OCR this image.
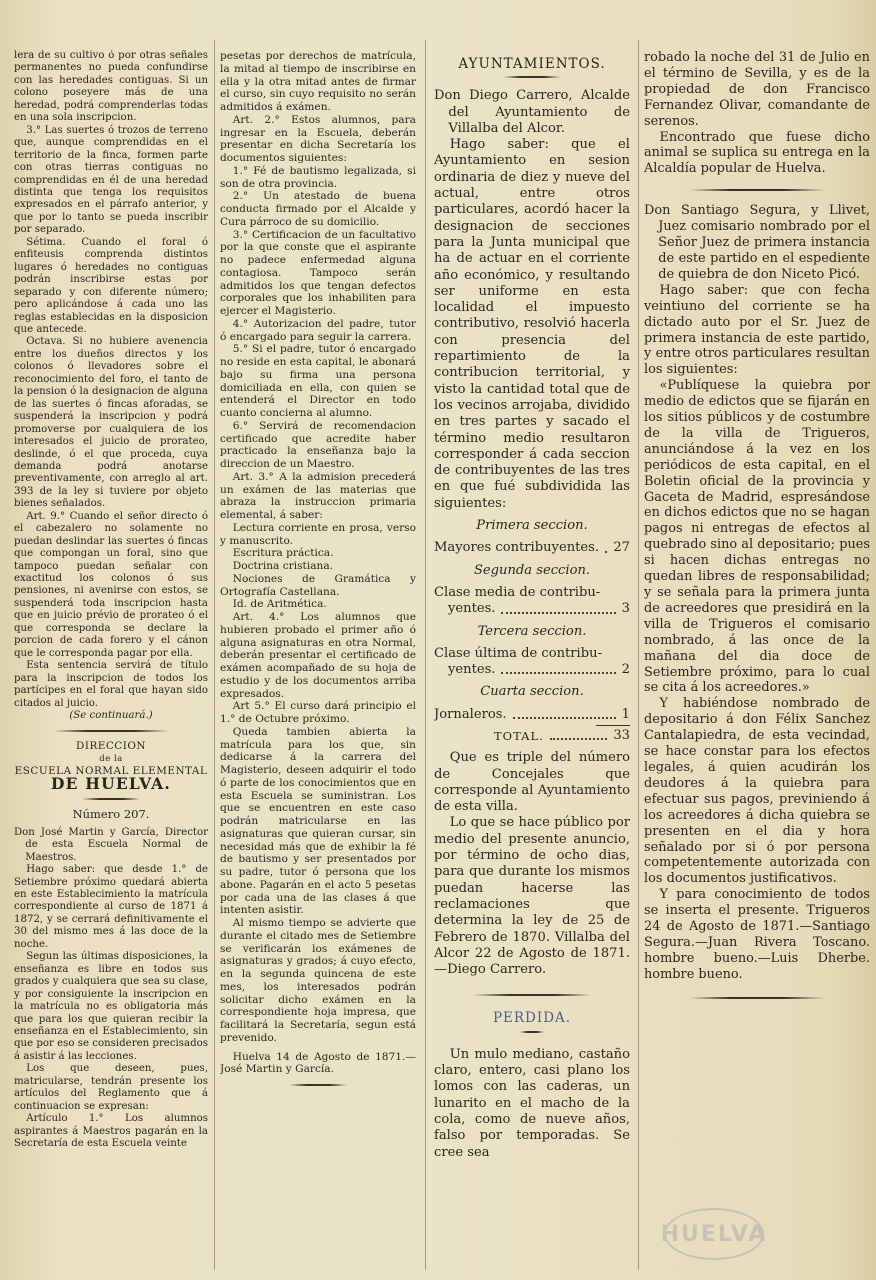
lera de su cultivo ó por otras señales permanentes no pueda confundirse con las heredades contiguas. Si un colono poseyere más de una heredad, podrá comprenderlas todas en una sola inscripcion.

3.° Las suertes ó trozos de terreno que, aunque comprendidas en el territorio de la finca, formen parte con otras tierras contiguas no comprendidas en él de una heredad distinta que tenga los requisitos expresados en el párrafo anterior, y que por lo tanto se pueda inscribir por separado.

Sétima. Cuando el foral ó enfiteusis comprenda distintos lugares ó heredades no contiguas podrán inscribirse estas por separado y con diferente número; pero aplicándose á cada uno las reglas establecidas en la disposicion que antecede.

Octava. Si no hubiere avenencia entre los dueños directos y los colonos ó llevadores sobre el reconocimiento del foro, el tanto de la pension ó la designacion de alguna de las suertes ó fincas aforadas, se suspenderá la inscripcion y podrá promoverse por cualquiera de los interesados el juicio de prorateo, deslinde, ó el que proceda, cuya demanda podrá anotarse preventivamente, con arreglo al art. 393 de la ley si tuviere por objeto bienes señalados.

Art. 9.° Cuando el señor directo ó el cabezalero no solamente no puedan deslindar las suertes ó fincas que compongan un foral, sino que tampoco puedan señalar con exactitud los colonos ó sus pensiones, ni avenirse con estos, se suspenderá toda inscripcion hasta que en juicio prévio de prorateo ó el que corresponda se declare la porcion de cada forero y el cánon que le corresponda pagar por ella.

Esta sentencia servirá de título para la inscripcion de todos los partícipes en el foral que hayan sido citados al juicio.

(Se continuará.)

DIRECCION

de la

ESCUELA NORMAL ELEMENTAL

DE HUELVA.

Número 207.

Don José Martin y García, Director de esta Escuela Normal de Maestros.

Hago saber: que desde 1.° de Setiembre próximo quedará abierta en este Establecimiento la matrícula correspondiente al curso de 1871 á 1872, y se cerrará definitivamente el 30 del mismo mes á las doce de la noche.

Segun las últimas disposiciones, la enseñanza es libre en todos sus grados y cualquiera que sea su clase, y por consiguiente la inscripcion en la matrícula no es obligatoria más que para los que quieran recibir la enseñanza en el Establecimiento, sin que por eso se consideren precisados á asistir á las lecciones.

Los que deseen, pues, matricularse, tendrán presente los artículos del Reglamento que á continuacion se expresan:

Artículo 1.° Los alumnos aspirantes á Maestros pagarán en la Secretaría de esta Escuela veinte

pesetas por derechos de matrícula, la mitad al tiempo de inscribirse en ella y la otra mitad antes de firmar el curso, sin cuyo requisito no serán admitidos á exámen.

Art. 2.° Estos alumnos, para ingresar en la Escuela, deberán presentar en dicha Secretaría los documentos siguientes:

1.° Fé de bautismo legalizada, si son de otra provincia.

2.° Un atestado de buena conducta firmado por el Alcalde y Cura párroco de su domicilio.

3.° Certificacion de un facultativo por la que conste que el aspirante no padece enfermedad alguna contagiosa. Tampoco serán admitidos los que tengan defectos corporales que los inhabiliten para ejercer el Magisterio.

4.° Autorizacion del padre, tutor ó encargado para seguir la carrera.

5.° Si el padre, tutor ó encargado no reside en esta capital, le abonará bajo su firma una persona domiciliada en ella, con quien se entenderá el Director en todo cuanto concierna al alumno.

6.° Servirá de recomendacion certificado que acredite haber practicado la enseñanza bajo la direccion de un Maestro.

Art. 3.° A la admision precederá un exámen de las materias que abraza la instruccion primaria elemental, á saber:

Lectura corriente en prosa, verso y manuscrito.

Escritura práctica.

Doctrina cristiana.

Nociones de Gramática y Ortografía Castellana.

Id. de Aritmética.

Art. 4.° Los alumnos que hubieren probado el primer año ó alguna asignaturas en otra Normal, deberán presentar el certificado de exámen acompañado de su hoja de estudio y de los documentos arriba expresados.

Art 5.° El curso dará principio el 1.° de Octubre próximo.

Queda tambien abierta la matrícula para los que, sin dedicarse á la carrera del Magisterio, deseen adquirir el todo ó parte de los conocimientos que en esta Escuela se suministran. Los que se encuentren en este caso podrán matricularse en las asignaturas que quieran cursar, sin necesidad más que de exhibir la fé de bautismo y ser presentados por su padre, tutor ó persona que los abone. Pagarán en el acto 5 pesetas por cada una de las clases á que intenten asistir.

Al mismo tiempo se advierte que durante el citado mes de Setiembre se verificarán los exámenes de asignaturas y grados; á cuyo efecto, en la segunda quincena de este mes, los interesados podrán solicitar dicho exámen en la correspondiente hoja impresa, que facilitará la Secretaría, segun está prevenido.

Huelva 14 de Agosto de 1871.—José Martin y García.

AYUNTAMIENTOS.

Don Diego Carrero, Alcalde del Ayuntamiento de Villalba del Alcor.

Hago saber: que el Ayuntamiento en sesion ordinaria de diez y nueve del actual, entre otros particulares, acordó hacer la designacion de secciones para la Junta municipal que ha de actuar en el corriente año económico, y resultando ser uniforme en esta localidad el impuesto contributivo, resolvió hacerla con presencia del repartimiento de la contribucion territorial, y visto la cantidad total que de los vecinos arrojaba, dividido en tres partes y sacado el término medio resultaron corresponder á cada seccion de contribuyentes de las tres en que fué subdividida las siguientes:

Primera seccion.

Mayores contribuyentes. 27

Segunda seccion.

Clase media de contribu-

yentes.	3

Tercera seccion.

Clase última de contribu-

yentes.	2

Cuarta seccion.

Jornaleros.	1
TOTAL.	33

Que es triple del número de Concejales que corresponde al Ayuntamiento de esta villa.

Lo que se hace público por medio del presente anuncio, por término de ocho dias, para que durante los mismos puedan hacerse las reclamaciones que determina la ley de 25 de Febrero de 1870. Villalba del Alcor 22 de Agosto de 1871.—Diego Carrero.

PERDIDA.

Un mulo mediano, castaño claro, entero, casi plano los lomos con las caderas, un lunarito en el macho de la cola, como de nueve años, falso por temporadas. Se cree sea

robado la noche del 31 de Julio en el término de Sevilla, y es de la propiedad de don Francisco Fernandez Olivar, comandante de serenos.

Encontrado que fuese dicho animal se suplica su entrega en la Alcaldía popular de Huelva.

Don Santiago Segura, y Llivet, Juez comisario nombrado por el Señor Juez de primera instancia de este partido en el espediente de quiebra de don Niceto Picó.

Hago saber: que con fecha veintiuno del corriente se ha dictado auto por el Sr. Juez de primera instancia de este partido, y entre otros particulares resultan los siguientes:

«Publíquese la quiebra por medio de edictos que se fijarán en los sitios públicos y de costumbre de la villa de Trigueros, anunciándose á la vez en los periódicos de esta capital, en el Boletin oficial de la provincia y Gaceta de Madrid, espresándose en dichos edictos que no se hagan pagos ni entregas de efectos al quebrado sino al depositario; pues si hacen dichas entregas no quedan libres de responsabilidad; y se señala para la primera junta de acreedores que presidirá en la villa de Trigueros el comisario nombrado, á las once de la mañana del dia doce de Setiembre próximo, para lo cual se cita á los acreedores.»

Y habiéndose nombrado de depositario á don Félix Sanchez Cantalapiedra, de esta vecindad, se hace constar para los efectos legales, á quien acudirán los deudores á la quiebra para efectuar sus pagos, previniendo á los acreedores á dicha quiebra se presenten en el dia y hora señalado por si ó por persona competentemente autorizada con los documentos justificativos.

Y para conocimiento de todos se inserta el presente. Trigueros 24 de Agosto de 1871.—Santiago Segura.—Juan Rivera Toscano. hombre bueno.—Luis Dherbe. hombre bueno.

HUELVA
